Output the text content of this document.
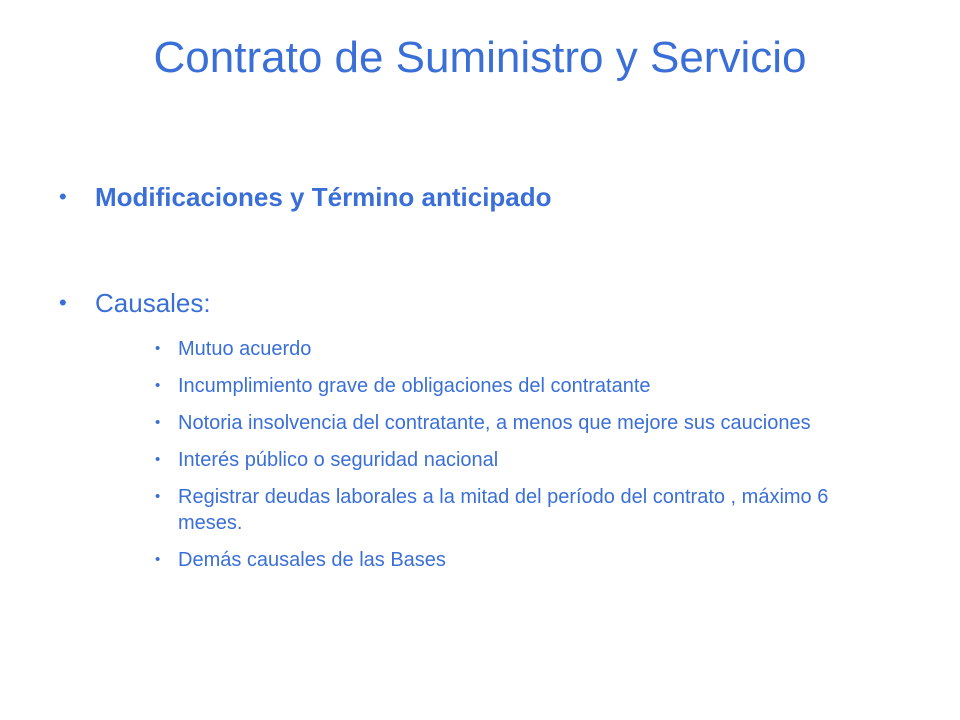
Contrato de Suministro y Servicio
• Modificaciones y Término anticipado
• Causales:
• Mutuo acuerdo
• Incumplimiento grave de obligaciones del contratante
• Notoria insolvencia del contratante, a menos que mejore sus cauciones
• Interés público o seguridad nacional
• Registrar deudas laborales a la mitad del período del contrato , máximo 6 meses.
• Demás causales de las Bases
